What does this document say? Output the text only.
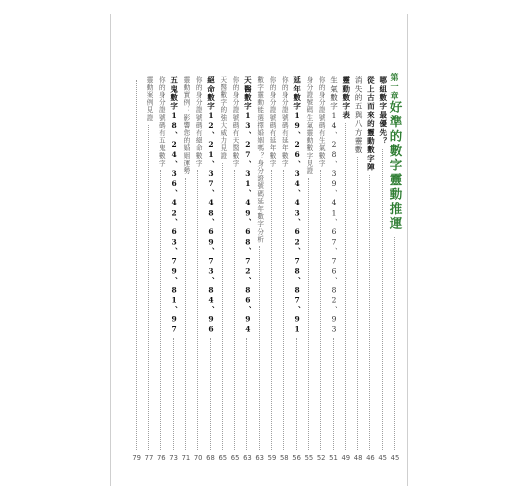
第一章好準的數字靈動推運
45
哪組數字最優先？
45
從上古而來的靈動數字陣
46
消失的五與八方靈數
48
靈動數字表
49
生氣數字14、28、39、41、67、76、82、93
51
你的身分證號碼有生氣數字
52
身分證號碼生氣靈動數字見證
55
延年數字19、26、34、43、62、78、87、91
56
你的身分證號碼有延年數字
58
你的身分證號碼有延年數字
59
數字靈動能選擇婚姻嗎？身分證號碼延年數字分析
63
天醫數字13、27、31、49、68、72、86、94
63
你的身分證號碼有天醫數字
65
天醫數字的強大威力見證
65
絕命數字12、21、37、48、69、73、84、96
68
你的身分證號碼有絕命數字
70
靈動實例：影響您的婚姻運勢
71
五鬼數字18、24、36、42、63、79、81、97
73
你的身分證號碼有五鬼數字
76
靈動案例見證
77
79
